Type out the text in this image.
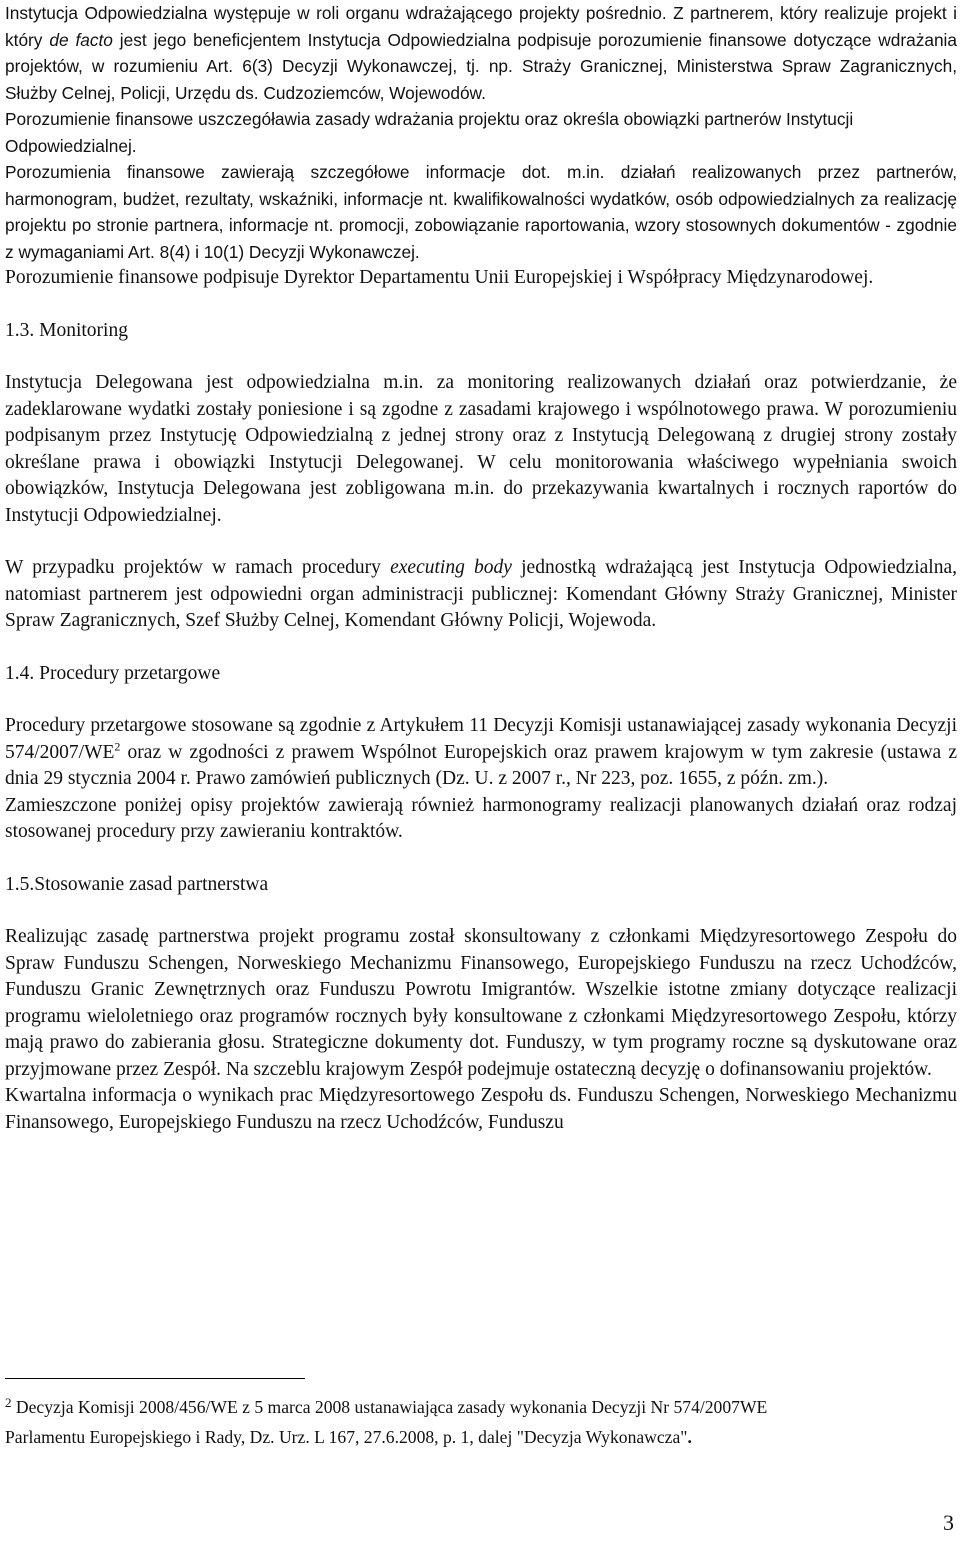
Instytucja Odpowiedzialna występuje w roli organu wdrażającego projekty pośrednio. Z partnerem, który realizuje projekt i który de facto jest jego beneficjentem Instytucja Odpowiedzialna podpisuje porozumienie finansowe dotyczące wdrażania projektów, w rozumieniu Art. 6(3) Decyzji Wykonawczej, tj. np. Straży Granicznej, Ministerstwa Spraw Zagranicznych, Służby Celnej, Policji, Urzędu ds. Cudzoziemców, Wojewodów.

Porozumienie finansowe uszczegóławia zasady wdrażania projektu oraz określa obowiązki partnerów Instytucji Odpowiedzialnej.

Porozumienia finansowe zawierają szczegółowe informacje dot. m.in. działań realizowanych przez partnerów, harmonogram, budżet, rezultaty, wskaźniki, informacje nt. kwalifikowalności wydatków, osób odpowiedzialnych za realizację projektu po stronie partnera, informacje nt. promocji, zobowiązanie raportowania, wzory stosownych dokumentów - zgodnie z wymaganiami Art. 8(4) i 10(1) Decyzji Wykonawczej.

Porozumienie finansowe podpisuje Dyrektor Departamentu Unii Europejskiej i Współpracy Międzynarodowej.

1.3. Monitoring

Instytucja Delegowana jest odpowiedzialna m.in. za monitoring realizowanych działań oraz potwierdzanie, że zadeklarowane wydatki zostały poniesione i są zgodne z zasadami krajowego i wspólnotowego prawa. W porozumieniu podpisanym przez Instytucję Odpowiedzialną z jednej strony oraz z Instytucją Delegowaną z drugiej strony zostały określane prawa i obowiązki Instytucji Delegowanej. W celu monitorowania właściwego wypełniania swoich obowiązków, Instytucja Delegowana jest zobligowana m.in. do przekazywania kwartalnych i rocznych raportów do Instytucji Odpowiedzialnej.

W przypadku projektów w ramach procedury executing body jednostką wdrażającą jest Instytucja Odpowiedzialna, natomiast partnerem jest odpowiedni organ administracji publicznej: Komendant Główny Straży Granicznej, Minister Spraw Zagranicznych, Szef Służby Celnej, Komendant Główny Policji, Wojewoda.

1.4. Procedury przetargowe

Procedury przetargowe stosowane są zgodnie z Artykułem 11 Decyzji Komisji ustanawiającej zasady wykonania Decyzji $574/2007/WE^2$ oraz w zgodności z prawem Wspólnot Europejskich oraz prawem krajowym w tym zakresie (ustawa z dnia 29 stycznia 2004 r. Prawo zamówień publicznych (Dz. U. z 2007 r., Nr 223, poz. 1655, z późn. zm.).

Zamieszczone poniżej opisy projektów zawierają również harmonogramy realizacji planowanych działań oraz rodzaj stosowanej procedury przy zawieraniu kontraktów.

1.5.Stosowanie zasad partnerstwa

Realizując zasadę partnerstwa projekt programu został skonsultowany z członkami Międzyresortowego Zespołu do Spraw Funduszu Schengen, Norweskiego Mechanizmu Finansowego, Europejskiego Funduszu na rzecz Uchodźców, Funduszu Granic Zewnętrznych oraz Funduszu Powrotu Imigrantów. Wszelkie istotne zmiany dotyczące realizacji programu wieloletniego oraz programów rocznych były konsultowane z członkami Międzyresortowego Zespołu, którzy mają prawo do zabierania głosu. Strategiczne dokumenty dot. Funduszy, w tym programy roczne są dyskutowane oraz przyjmowane przez Zespół. Na szczeblu krajowym Zespół podejmuje ostateczną decyzję o dofinansowaniu projektów.

Kwartalna informacja o wynikach prac Międzyresortowego Zespołu ds. Funduszu Schengen, Norweskiego Mechanizmu Finansowego, Europejskiego Funduszu na rzecz Uchodźców, Funduszu

$^2$ Decyzja Komisji 2008/456/WE z 5 marca 2008 ustanawiająca zasady wykonania Decyzji Nr 574/2007WE

Parlamentu Europejskiego i Rady, Dz. Urz. L 167, 27.6.2008, p. 1, dalej "Decyzja Wykonawcza".

3
